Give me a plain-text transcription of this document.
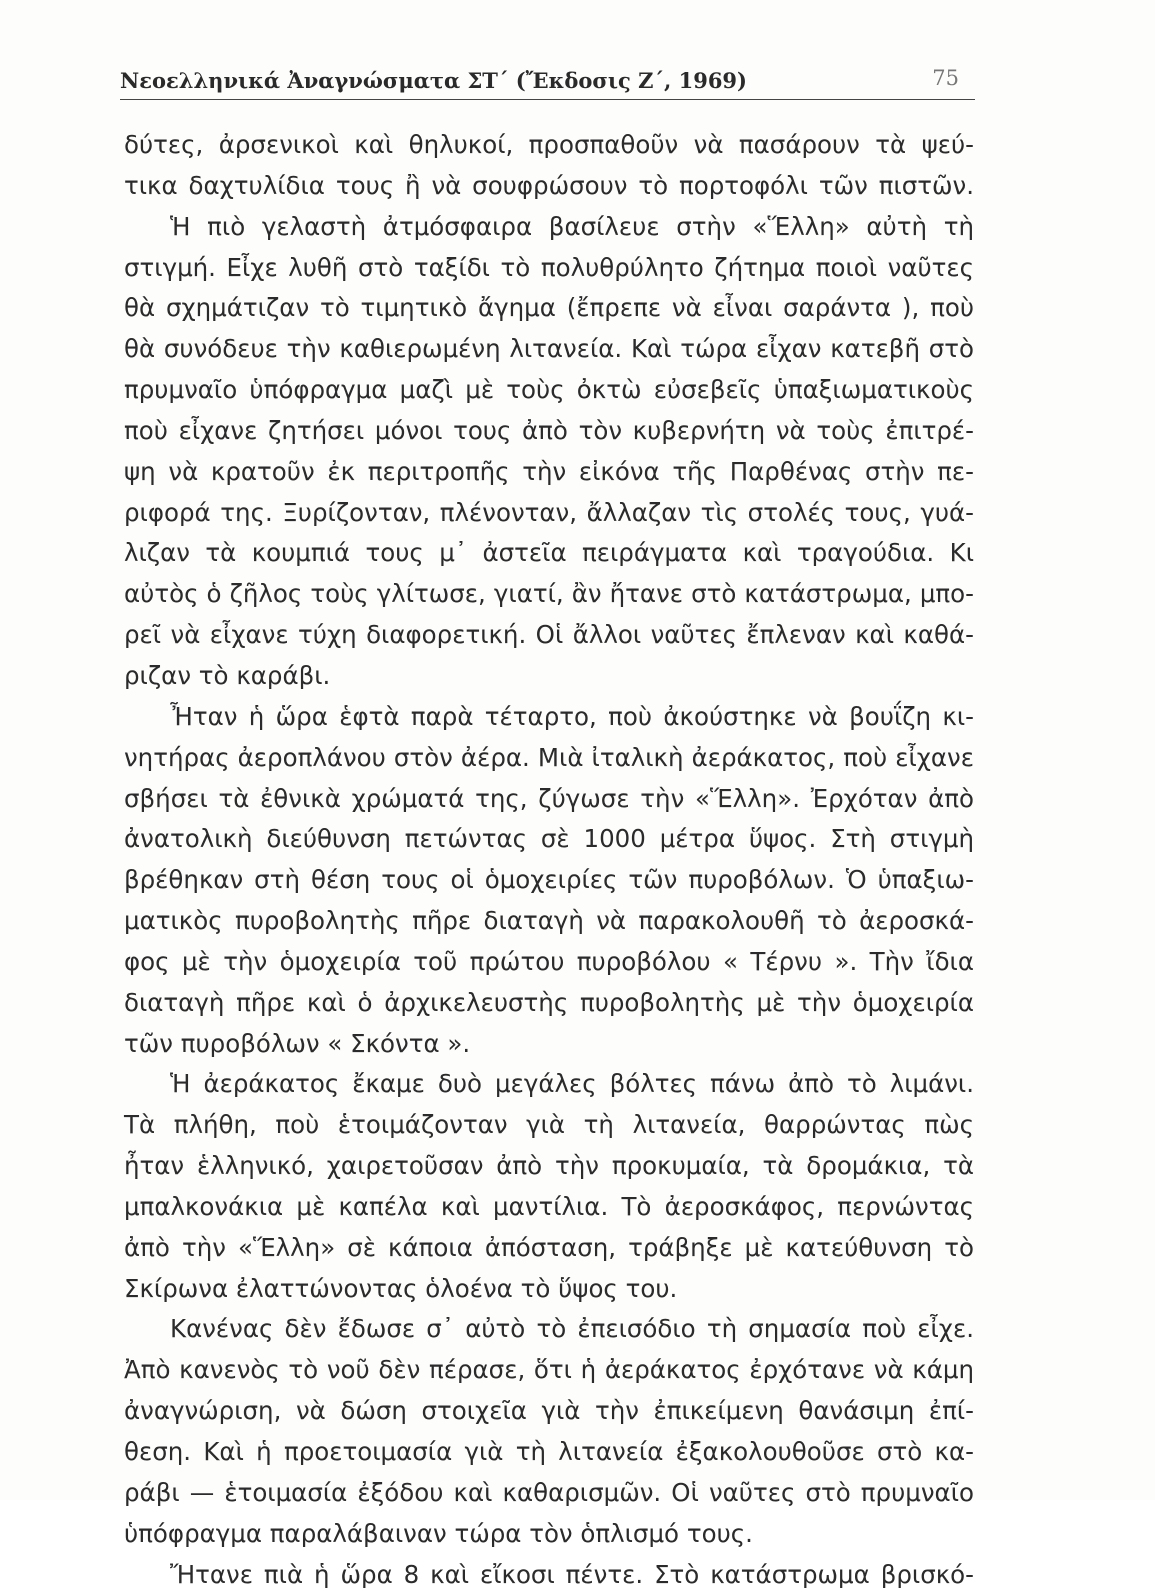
Νεοελληνικά Ἀναγνώσματα ΣΤ΄ (Ἔκδοσις Ζ΄, 1969)	75
δύτες, ἀρσενικοὶ καὶ θηλυκοί, προσπαθοῦν νὰ πασάρουν τὰ ψεύ-
τικα δαχτυλίδια τους ἢ νὰ σουφρώσουν τὸ πορτοφόλι τῶν πιστῶν.
Ἡ πιὸ γελαστὴ ἀτμόσφαιρα βασίλευε στὴν «Ἕλλη» αὐτὴ τὴ
στιγμή. Εἶχε λυθῆ στὸ ταξίδι τὸ πολυθρύλητο ζήτημα ποιοὶ ναῦτες
θὰ σχημάτιζαν τὸ τιμητικὸ ἄγημα (ἔπρεπε νὰ εἶναι σαράντα ), ποὺ
θὰ συνόδευε τὴν καθιερωμένη λιτανεία. Καὶ τώρα εἶχαν κατεβῆ στὸ
πρυμναῖο ὑπόφραγμα μαζὶ μὲ τοὺς ὀκτὼ εὐσεβεῖς ὑπαξιωματικοὺς
ποὺ εἶχανε ζητήσει μόνοι τους ἀπὸ τὸν κυβερνήτη νὰ τοὺς ἐπιτρέ-
ψη νὰ κρατοῦν ἐκ περιτροπῆς τὴν εἰκόνα τῆς Παρθένας στὴν πε-
ριφορά της. Ξυρίζονταν, πλένονταν, ἄλλαζαν τὶς στολές τους, γυά-
λιζαν τὰ κουμπιά τους μ᾽ ἀστεῖα πειράγματα καὶ τραγούδια. Κι
αὐτὸς ὁ ζῆλος τοὺς γλίτωσε, γιατί, ἂν ἤτανε στὸ κατάστρωμα, μπο-
ρεῖ νὰ εἶχανε τύχη διαφορετική. Οἱ ἄλλοι ναῦτες ἔπλεναν καὶ καθά-
ριζαν τὸ καράβι.
Ἦταν ἡ ὥρα ἑφτὰ παρὰ τέταρτο, ποὺ ἀκούστηκε νὰ βουΐζη κι-
νητήρας ἀεροπλάνου στὸν ἀέρα. Μιὰ ἰταλικὴ ἀεράκατος, ποὺ εἶχανε
σβήσει τὰ ἐθνικὰ χρώματά της, ζύγωσε τὴν «Ἕλλη». Ἐρχόταν ἀπὸ
ἀνατολικὴ διεύθυνση πετώντας σὲ 1000 μέτρα ὕψος. Στὴ στιγμὴ
βρέθηκαν στὴ θέση τους οἱ ὁμοχειρίες τῶν πυροβόλων. Ὁ ὑπαξιω-
ματικὸς πυροβολητὴς πῆρε διαταγὴ νὰ παρακολουθῆ τὸ ἀεροσκά-
φος μὲ τὴν ὁμοχειρία τοῦ πρώτου πυροβόλου « Τέρνυ ». Τὴν ἴδια
διαταγὴ πῆρε καὶ ὁ ἀρχικελευστὴς πυροβολητὴς μὲ τὴν ὁμοχειρία
τῶν πυροβόλων « Σκόντα ».
Ἡ ἀεράκατος ἔκαμε δυὸ μεγάλες βόλτες πάνω ἀπὸ τὸ λιμάνι.
Τὰ πλήθη, ποὺ ἑτοιμάζονταν γιὰ τὴ λιτανεία, θαρρώντας πὼς
ἦταν ἑλληνικό, χαιρετοῦσαν ἀπὸ τὴν προκυμαία, τὰ δρομάκια, τὰ
μπαλκονάκια μὲ καπέλα καὶ μαντίλια. Τὸ ἀεροσκάφος, περνώντας
ἀπὸ τὴν «Ἕλλη» σὲ κάποια ἀπόσταση, τράβηξε μὲ κατεύθυνση τὸ
Σκίρωνα ἐλαττώνοντας ὁλοένα τὸ ὕψος του.
Κανένας δὲν ἔδωσε σ᾽ αὐτὸ τὸ ἐπεισόδιο τὴ σημασία ποὺ εἶχε.
Ἀπὸ κανενὸς τὸ νοῦ δὲν πέρασε, ὅτι ἡ ἀεράκατος ἐρχότανε νὰ κάμη
ἀναγνώριση, νὰ δώση στοιχεῖα γιὰ τὴν ἐπικείμενη θανάσιμη ἐπί-
θεση. Καὶ ἡ προετοιμασία γιὰ τὴ λιτανεία ἐξακολουθοῦσε στὸ κα-
ράβι — ἑτοιμασία ἐξόδου καὶ καθαρισμῶν. Οἱ ναῦτες στὸ πρυμναῖο
ὑπόφραγμα παραλάβαιναν τώρα τὸν ὁπλισμό τους.
Ἤτανε πιὰ ἡ ὥρα 8 καὶ εἴκοσι πέντε. Στὸ κατάστρωμα βρισκό-
